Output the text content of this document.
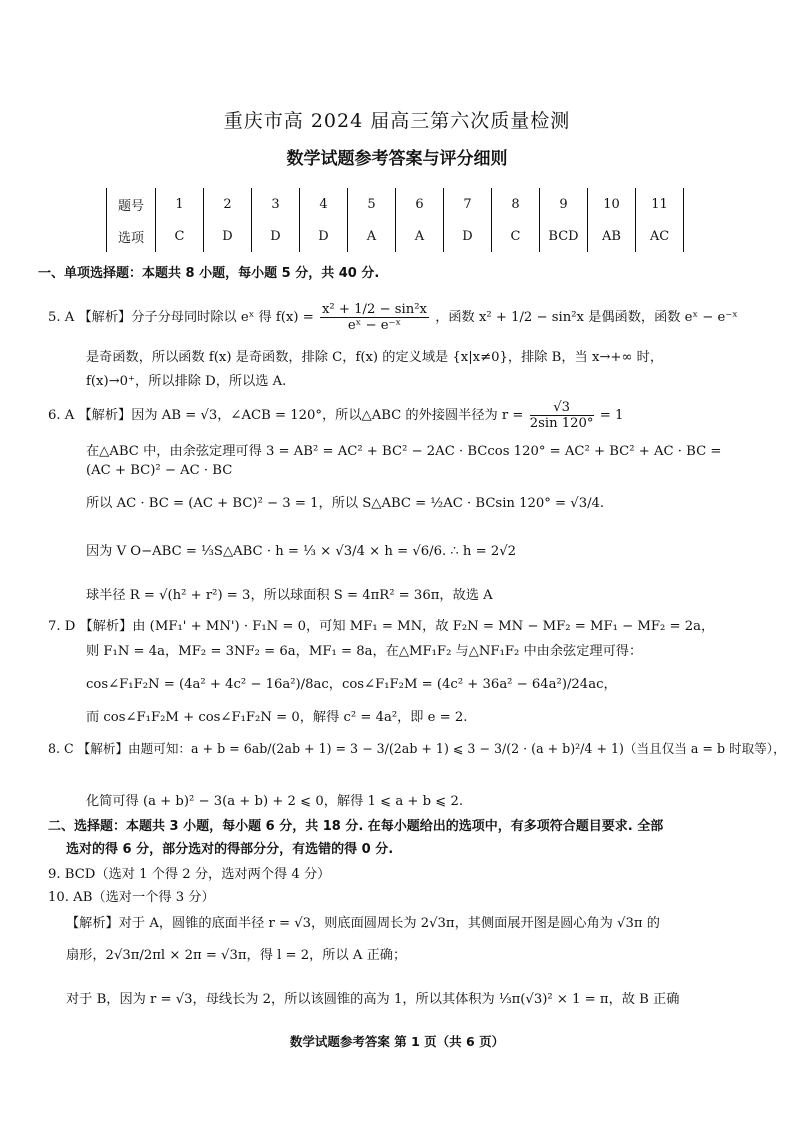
重庆市高 2024 届高三第六次质量检测
数学试题参考答案与评分细则
题号	1	2	3	4	5	6	7	8	9	10	11
选项	C	D	D	D	A	A	D	C	BCD	AB	AC
一、单项选择题：本题共 8 小题，每小题 5 分，共 40 分.
5. A 【解析】分子分母同时除以 eˣ 得 $f(x) = \frac{\text{x² + 1/2 − sin²x}}{\text{eˣ − e⁻ˣ}}$ ，函数 x² + 1/2 − sin²x 是偶函数，函数 eˣ − e⁻ˣ
是奇函数，所以函数 f(x) 是奇函数，排除 C，f(x) 的定义域是 {x|x≠0}，排除 B，当 x→+∞ 时，
f(x)→0⁺，所以排除 D，所以选 A.
6. A 【解析】因为 AB = √3，∠ACB = 120°，所以△ABC 的外接圆半径为 $r = \frac{√3}{2\sin 120^\circ} = 1$
在△ABC 中，由余弦定理可得 3 = AB² = AC² + BC² − 2AC · BCcos 120° = AC² + BC² + AC · BC =
(AC + BC)² − AC · BC
所以 AC · BC = (AC + BC)² − 3 = 1，所以 S△ABC = ½AC · BCsin 120° = √3/4.
因为 V O−ABC = ⅓S△ABC · h = ⅓ × √3/4 × h = √6/6. ∴ h = 2√2
球半径 R = √(h² + r²) = 3，所以球面积 S = 4πR² = 36π，故选 A
7. D 【解析】由 (MF₁' + MN') · F₁N = 0，可知 MF₁ = MN，故 F₂N = MN − MF₂ = MF₁ − MF₂ = 2a，
则 F₁N = 4a，MF₂ = 3NF₂ = 6a，MF₁ = 8a，在△MF₁F₂ 与△NF₁F₂ 中由余弦定理可得：
cos∠F₁F₂N = (4a² + 4c² − 16a²)/8ac，cos∠F₁F₂M = (4c² + 36a² − 64a²)/24ac，
而 cos∠F₁F₂M + cos∠F₁F₂N = 0，解得 c² = 4a²，即 e = 2.
8. C 【解析】由题可知：a + b = 6ab/(2ab + 1) = 3 − 3/(2ab + 1) ⩽ 3 − 3/(2 · (a + b)²/4 + 1)（当且仅当 a = b 时取等），
化简可得 (a + b)² − 3(a + b) + 2 ⩽ 0，解得 1 ⩽ a + b ⩽ 2.
二、选择题：本题共 3 小题，每小题 6 分，共 18 分. 在每小题给出的选项中，有多项符合题目要求. 全部
选对的得 6 分，部分选对的得部分分，有选错的得 0 分.
9. BCD（选对 1 个得 2 分，选对两个得 4 分）
10. AB（选对一个得 3 分）
【解析】对于 A，圆锥的底面半径 r = √3，则底面圆周长为 2√3π，其侧面展开图是圆心角为 √3π 的
扇形，2√3π/2πl × 2π = √3π，得 l = 2，所以 A 正确；
对于 B，因为 r = √3，母线长为 2，所以该圆锥的高为 1，所以其体积为 ⅓π(√3)² × 1 = π，故 B 正确
数学试题参考答案 第 1 页（共 6 页）
